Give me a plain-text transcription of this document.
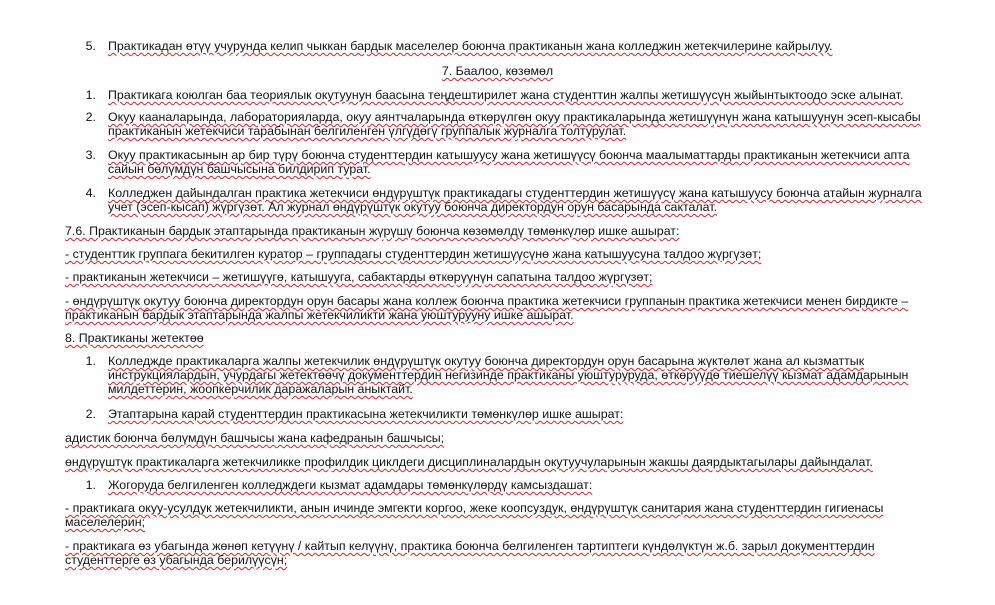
5. Практикадан өтүү учурунда келип чыккан бардык маселелер боюнча практиканын жана колледжин жетекчилерине кайрылуу.

7. Баалоо, көзөмөл
1. Практикага коюлган баа теориялык окутуунун баасына теңдештирилет жана студенттин жалпы жетишүүсүн жыйынтыктоодо эске алынат.

2. Окуу кааналарында, лабораторияларда, окуу аянтчаларында өткөрүлгөн окуу практикаларында жетишүүнүн жана катышуунун эсеп-кысабы практиканын жетекчиси тарабынан белгиленген үлгүдөгү группалык журналга толтурулат.

3. Окуу практикасынын ар бир түрү боюнча студенттердин катышуусу жана жетишүүсү боюнча маалыматтарды практиканын жетекчиси апта сайын бөлүмдүн башчысына билдирип турат.

4. Колледжен дайындалган практика жетекчиси өндүрүштүк практикадагы студенттердин жетишүүсү жана катышуусу боюнча атайын журналга учет (эсеп-кысап) жүргүзөт. Ал журнал өндүрүштүк окутуу боюнча директордун орун басарында сакталат.

7.6. Практиканын бардык этаптарында практиканын жүрүшү боюнча көзөмөлдү төмөнкүлөр ишке ашырат:

- студенттик группага бекитилген куратор – группадагы студенттердин жетишүүсүнө жана катышуусуна талдоо жүргүзөт;

- практиканын жетекчиси – жетишүүгө, катышууга, сабактарды өткөрүүнүн сапатына талдоо жүргүзөт;

- өндүрүштүк окутуу боюнча директордун орун басары жана коллеж боюнча практика жетекчиси группанын практика жетекчиси менен бирдикте – практиканын бардык этаптарында жалпы жетекчиликти жана уюштурууну ишке ашырат.

8. Практиканы жетектөө

1. Колледжде практикаларга жалпы жетекчилик өндүрүштүк окутуу боюнча директордун орун басарына жүктөлөт жана ал кызматтык инструкциялардын, учурдагы жетектөөчү документтердин негизинде практиканы уюштуруруда, өткөрүүдө тиешелүү кызмат адамдарынын милдеттерин, жоопкерчилик даражаларын аныктайт.

2. Этаптарына карай студенттердин практикасына жетекчиликти төмөнкүлөр ишке ашырат:

адистик боюнча бөлүмдүн башчысы жана кафедранын башчысы;

өндүрүштүк практикаларга жетекчиликке профилдик циклдеги дисциплиналардын окутуучуларынын жакшы даярдыктагылары дайындалат.

1. Жогоруда белгиленген колледждеги кызмат адамдары төмөнкүлөрдү камсыздашат:

- практикага окуу-усулдук жетекчиликти, анын ичинде эмгекти коргоо, жеке коопсуздук, өндүрүштүк санитария жана студенттердин гигиенасы маселелерин;

- практикага өз убагында жөнөп кетүүнү / кайтып келүүнү, практика боюнча белгиленген тартиптеги күндөлүктүн ж.б. зарыл документтердин студенттерге өз убагында берилүүсүн;
